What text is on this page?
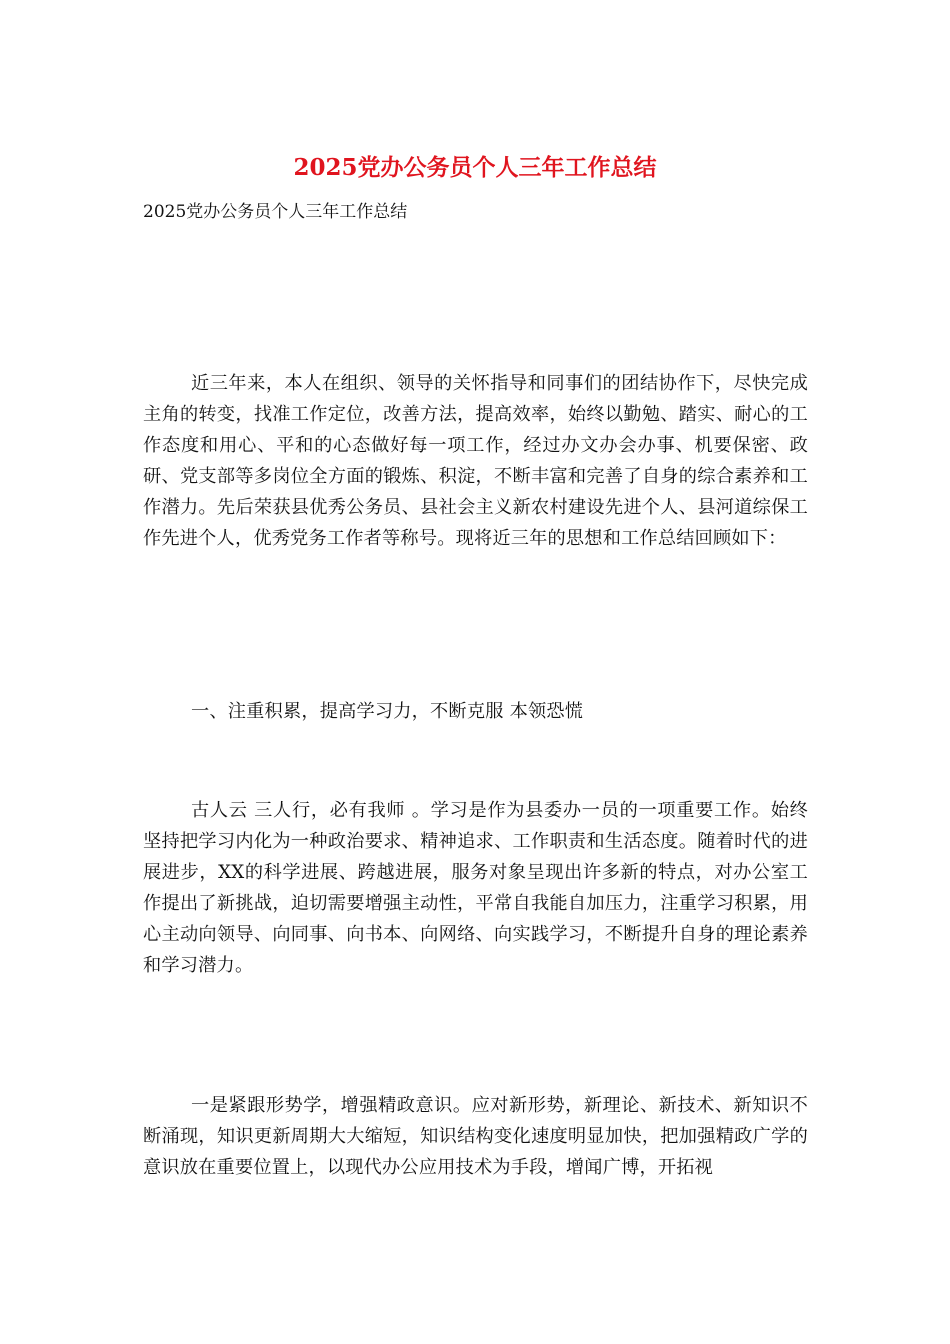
2025党办公务员个人三年工作总结

2025党办公务员个人三年工作总结

近三年来，本人在组织、领导的关怀指导和同事们的团结协作下，尽快完成主角的转变，找准工作定位，改善方法，提高效率，始终以勤勉、踏实、耐心的工作态度和用心、平和的心态做好每一项工作，经过办文办会办事、机要保密、政研、党支部等多岗位全方面的锻炼、积淀，不断丰富和完善了自身的综合素养和工作潜力。先后荣获县优秀公务员、县社会主义新农村建设先进个人、县河道综保工作先进个人，优秀党务工作者等称号。现将近三年的思想和工作总结回顾如下：

一、注重积累，提高学习力，不断克服 本领恐慌

古人云 三人行，必有我师 。学习是作为县委办一员的一项重要工作。始终坚持把学习内化为一种政治要求、精神追求、工作职责和生活态度。随着时代的进展进步，XX的科学进展、跨越进展，服务对象呈现出许多新的特点，对办公室工作提出了新挑战，迫切需要增强主动性，平常自我能自加压力，注重学习积累，用心主动向领导、向同事、向书本、向网络、向实践学习，不断提升自身的理论素养和学习潜力。

一是紧跟形势学，增强精政意识。应对新形势，新理论、新技术、新知识不断涌现，知识更新周期大大缩短，知识结构变化速度明显加快，把加强精政广学的意识放在重要位置上，以现代办公应用技术为手段，增闻广博，开拓视
